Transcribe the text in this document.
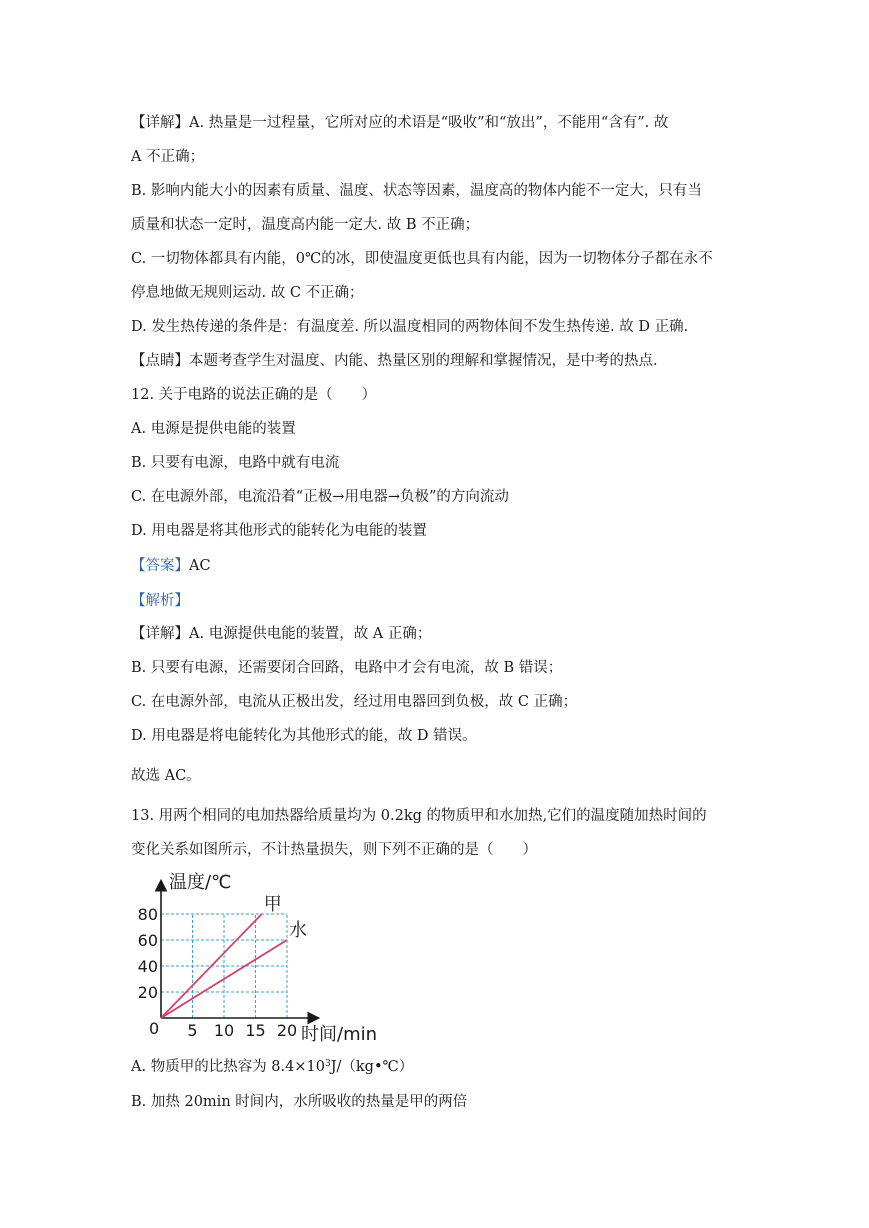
【详解】A. 热量是一过程量，它所对应的术语是“吸收”和“放出”，不能用“含有”. 故
A 不正确；
B. 影响内能大小的因素有质量、温度、状态等因素，温度高的物体内能不一定大，只有当
质量和状态一定时，温度高内能一定大. 故 B 不正确；
C. 一切物体都具有内能，0℃的冰，即使温度更低也具有内能，因为一切物体分子都在永不
停息地做无规则运动. 故 C 不正确；
D. 发生热传递的条件是：有温度差. 所以温度相同的两物体间不发生热传递. 故 D 正确.
【点睛】本题考查学生对温度、内能、热量区别的理解和掌握情况，是中考的热点.
12. 关于电路的说法正确的是（　　）
A. 电源是提供电能的装置
B. 只要有电源，电路中就有电流
C. 在电源外部，电流沿着“正极→用电器→负极”的方向流动
D. 用电器是将其他形式的能转化为电能的装置
【答案】AC
【解析】
【详解】A. 电源提供电能的装置，故 A 正确；
B. 只要有电源，还需要闭合回路，电路中才会有电流，故 B 错误；
C. 在电源外部，电流从正极出发，经过用电器回到负极，故 C 正确；
D. 用电器是将电能转化为其他形式的能，故 D 错误。
故选 AC。
13. 用两个相同的电加热器给质量均为 0.2kg 的物质甲和水加热,它们的温度随加热时间的
变化关系如图所示，不计热量损失，则下列不正确的是（　　）
甲
水
5 10 15 20
20
40
60
80
温度/℃
时间/min
0
A. 物质甲的比热容为 $8.4\times 10^3J/(kg•℃)$
B. 加热 20min 时间内，水所吸收的热量是甲的两倍
